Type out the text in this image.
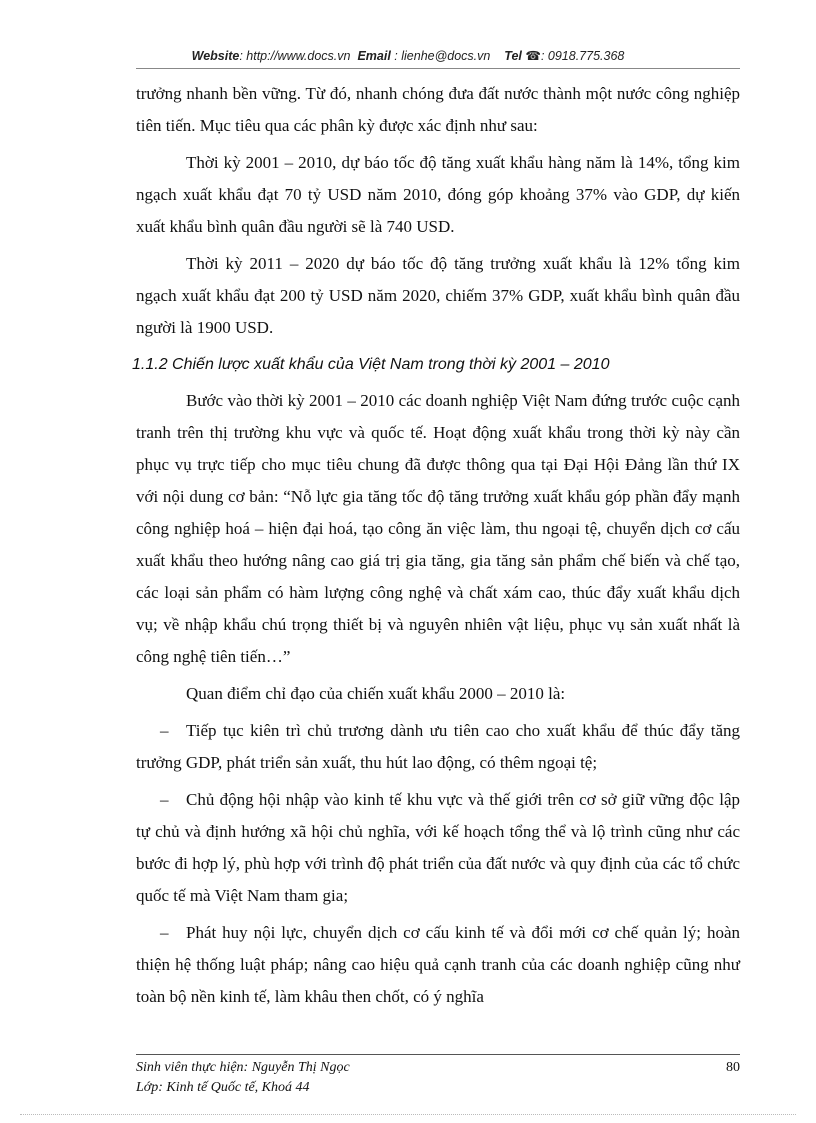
Website: http://www.docs.vn Email : lienhe@docs.vn Tel ☎: 0918.775.368

trưởng nhanh bền vững. Từ đó, nhanh chóng đưa đất nước thành một nước công nghiệp tiên tiến. Mục tiêu qua các phân kỳ được xác định như sau:

Thời kỳ 2001 – 2010, dự báo tốc độ tăng xuất khẩu hàng năm là 14%, tổng kim ngạch xuất khẩu đạt 70 tỷ USD năm 2010, đóng góp khoảng 37% vào GDP, dự kiến xuất khẩu bình quân đầu người sẽ là 740 USD.

Thời kỳ 2011 – 2020 dự báo tốc độ tăng trưởng xuất khẩu là 12% tổng kim ngạch xuất khẩu đạt 200 tỷ USD năm 2020, chiếm 37% GDP, xuất khẩu bình quân đầu người là 1900 USD.

1.1.2 Chiến lược xuất khẩu của Việt Nam trong thời kỳ 2001 – 2010

Bước vào thời kỳ 2001 – 2010 các doanh nghiệp Việt Nam đứng trước cuộc cạnh tranh trên thị trường khu vực và quốc tế. Hoạt động xuất khẩu trong thời kỳ này cần phục vụ trực tiếp cho mục tiêu chung đã được thông qua tại Đại Hội Đảng lần thứ IX với nội dung cơ bản: “Nỗ lực gia tăng tốc độ tăng trưởng xuất khẩu góp phần đẩy mạnh công nghiệp hoá – hiện đại hoá, tạo công ăn việc làm, thu ngoại tệ, chuyển dịch cơ cấu xuất khẩu theo hướng nâng cao giá trị gia tăng, gia tăng sản phẩm chế biến và chế tạo, các loại sản phẩm có hàm lượng công nghệ và chất xám cao, thúc đẩy xuất khẩu dịch vụ; về nhập khẩu chú trọng thiết bị và nguyên nhiên vật liệu, phục vụ sản xuất nhất là công nghệ tiên tiến…”

Quan điểm chỉ đạo của chiến xuất khẩu 2000 – 2010 là:

– Tiếp tục kiên trì chủ trương dành ưu tiên cao cho xuất khẩu để thúc đẩy tăng trưởng GDP, phát triển sản xuất, thu hút lao động, có thêm ngoại tệ;

– Chủ động hội nhập vào kinh tế khu vực và thế giới trên cơ sở giữ vững độc lập tự chủ và định hướng xã hội chủ nghĩa, với kế hoạch tổng thể và lộ trình cũng như các bước đi hợp lý, phù hợp với trình độ phát triển của đất nước và quy định của các tổ chức quốc tế mà Việt Nam tham gia;

– Phát huy nội lực, chuyển dịch cơ cấu kinh tế và đổi mới cơ chế quản lý; hoàn thiện hệ thống luật pháp; nâng cao hiệu quả cạnh tranh của các doanh nghiệp cũng như toàn bộ nền kinh tế, làm khâu then chốt, có ý nghĩa

Sinh viên thực hiện: Nguyễn Thị Ngọc
Lớp: Kinh tế Quốc tế, Khoá 44
80
